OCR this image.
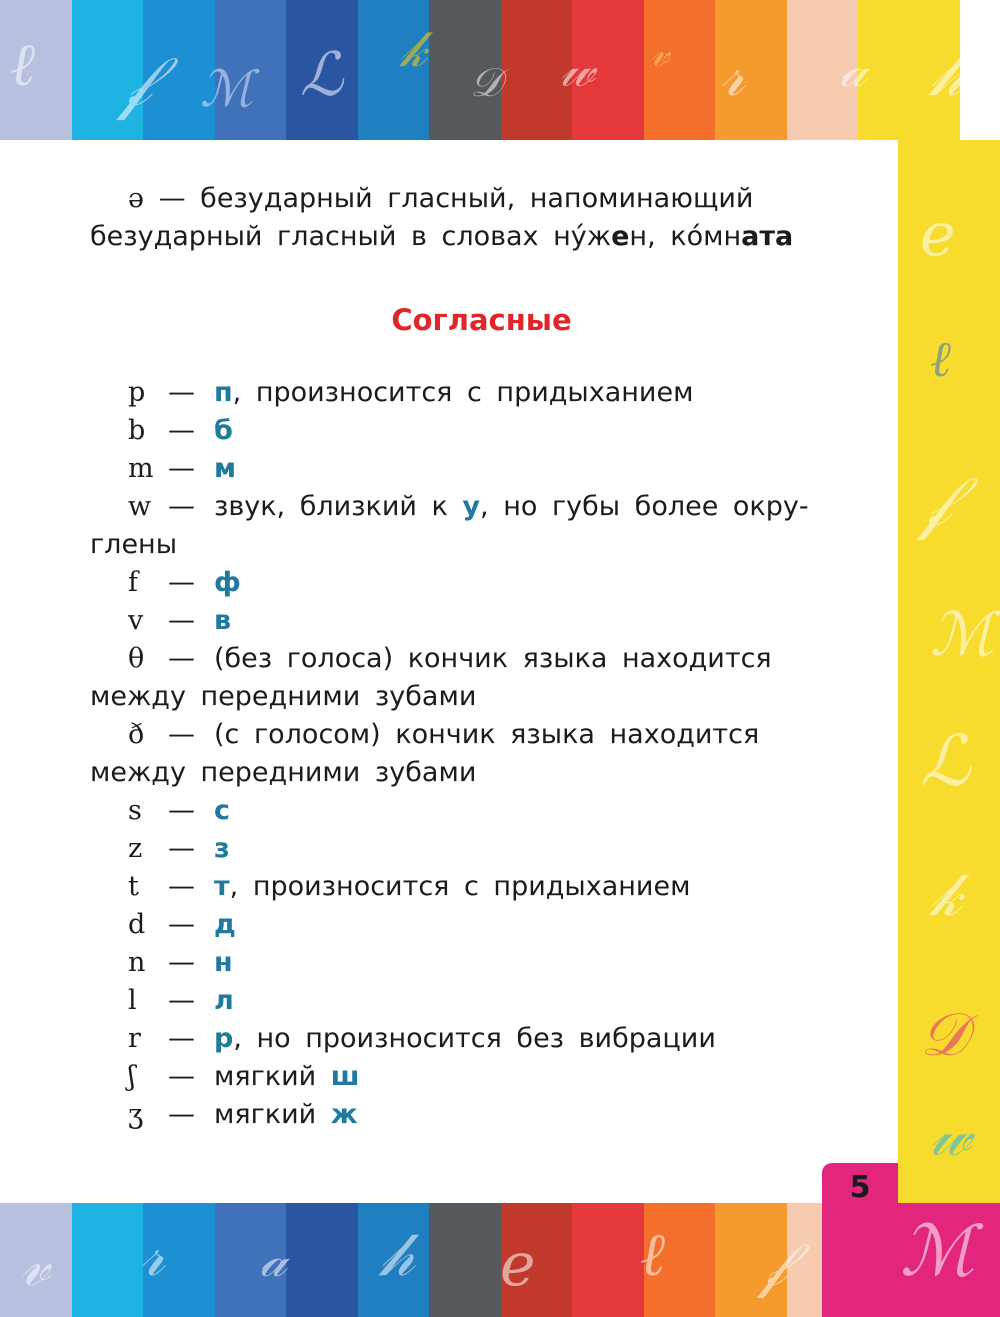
5
ℓ 𝒻 ℳ ℒ 𝓀
𝒟 𝓌 𝓋 𝓇 𝒶 𝒽
𝑒
ℓ
𝒻
ℳ
ℒ
𝓀
𝒟
𝓌
𝓋 𝓇 𝒶 𝒽 𝑒 ℓ 𝒻 ℳ

ə — безударный гласный, напоминающий

безударный гласный в словах ну́жен, ко́мната

Согласные

p — п, произносится с придыханием

b — б

m — м

w — звук, близкий к у, но губы более окру-

глены

f — ф

v — в

θ — (без голоса) кончик языка находится

между передними зубами

ð — (с голосом) кончик языка находится

между передними зубами

s — с

z — з

t — т, произносится с придыханием

d — д

n — н

l — л

r — р, но произносится без вибрации

ʃ — мягкий ш

ʒ — мягкий ж
